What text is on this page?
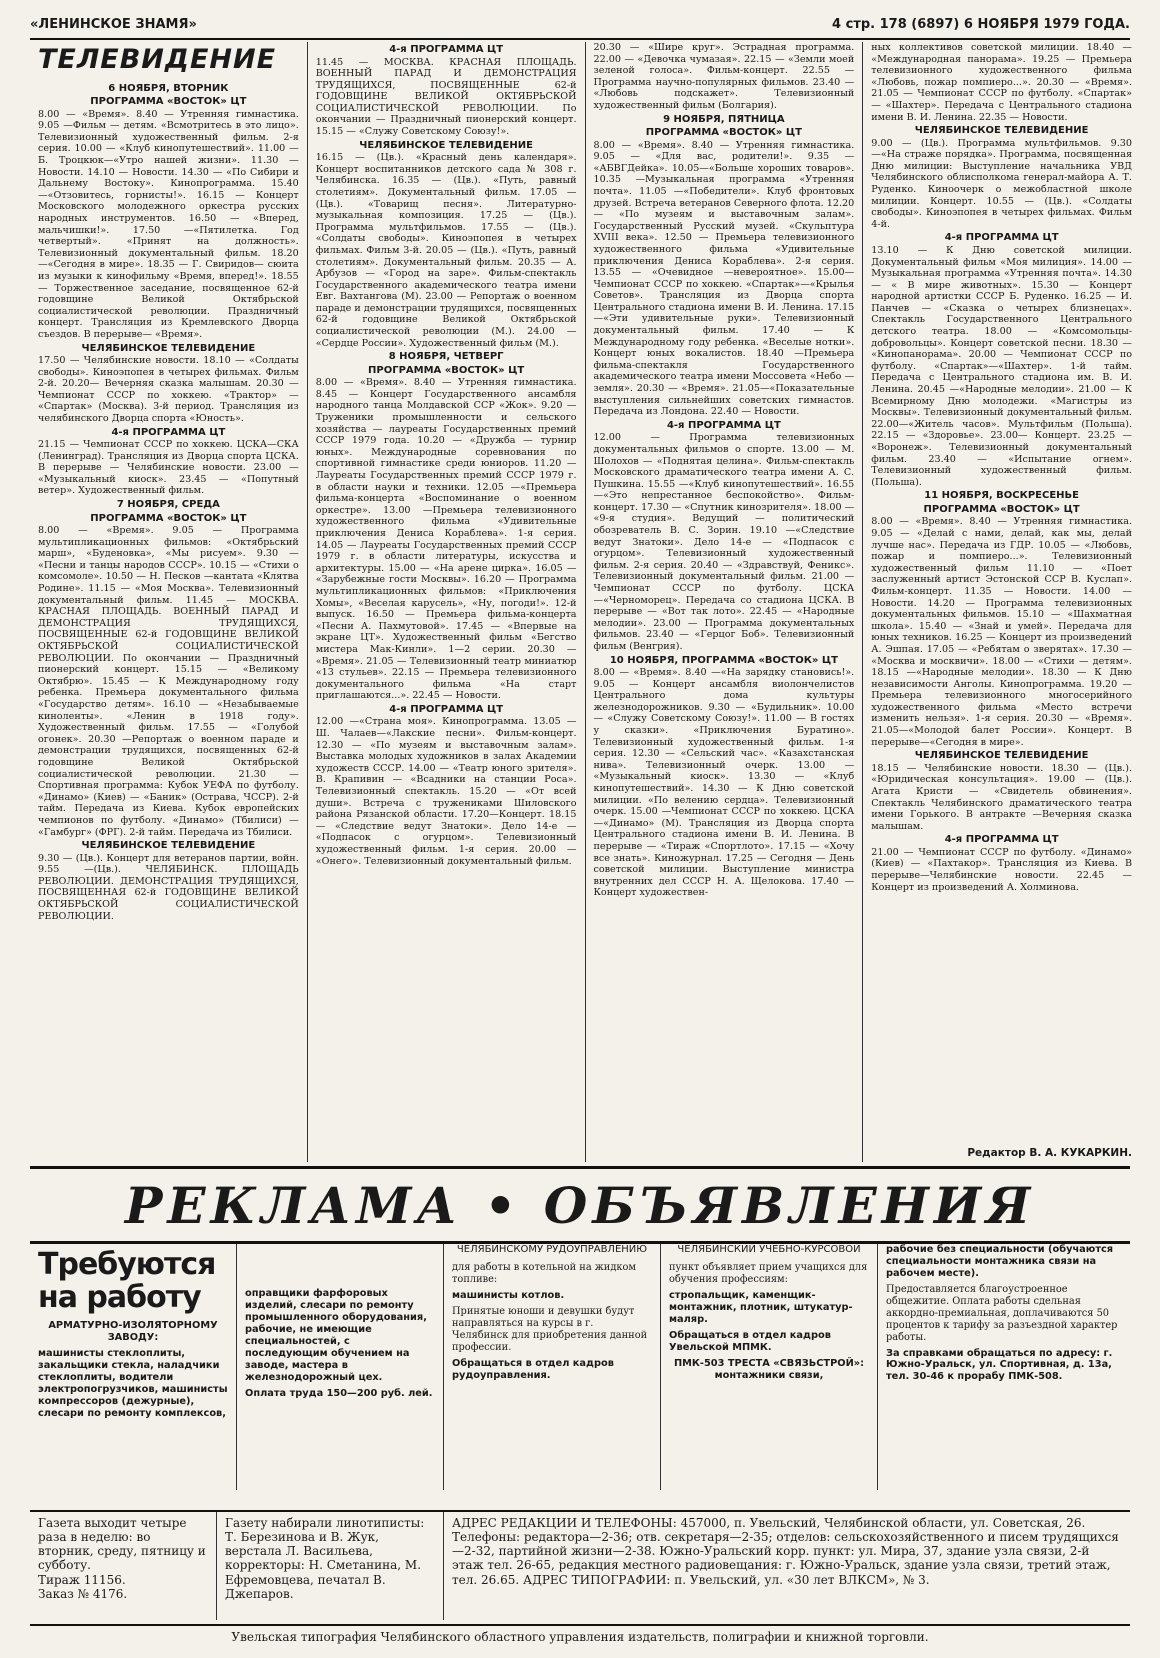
«ЛЕНИНСКОЕ ЗНАМЯ»	4 стр. 178 (6897) 6 НОЯБРЯ 1979 ГОДА.
ТЕЛЕВИДЕНИЕ
6 НОЯБРЯ, ВТОРНИК
ПРОГРАММА «ВОСТОК» ЦТ

8.00 — «Время». 8.40 — Утренняя гимнастика. 9.05 —Фильм — детям. «Всмотритесь в это лицо». Телевизионный художественный фильм. 2-я серия. 10.00 — «Клуб кинопутешествий». 11.00 — Б. Троцкюк—«Утро нашей жизни». 11.30 — Новости. 14.10 — Новости. 14.30 — «По Сибири и Дальнему Востоку». Кинопрограмма. 15.40 —«Отзовитесь, горнисты!». 16.15 — Концерт Московского молодежного оркестра русских народных инструментов. 16.50 — «Вперед, мальчишки!». 17.50 —«Пятилетка. Год четвертый». «Принят на должность». Телевизионный документальный фильм. 18.20 —«Сегодня в мире». 18.35 — Г. Свиридов— сюита из музыки к кинофильму «Время, вперед!». 18.55 — Торжественное заседание, посвященное 62-й годовщине Великой Октябрьской социалистической революции. Праздничный концерт. Трансляция из Кремлевского Дворца съездов. В перерыве— «Время».

ЧЕЛЯБИНСКОЕ ТЕЛЕВИДЕНИЕ

17.50 — Челябинские новости. 18.10 — «Солдаты свободы». Киноэпопея в четырех фильмах. Фильм 2-й. 20.20— Вечерняя сказка малышам. 20.30 — Чемпионат СССР по хоккею. «Трактор» — «Спартак» (Москва). 3-й период. Трансляция из челябинского Дворца спорта «Юность».

4-я ПРОГРАММА ЦТ

21.15 — Чемпионат СССР по хоккею. ЦСКА—СКА (Ленинград). Трансляция из Дворца спорта ЦСКА. В перерыве — Челябинские новости. 23.00 — «Музыкальный киоск». 23.45 — «Попутный ветер». Художественный фильм.

7 НОЯБРЯ, СРЕДА
ПРОГРАММА «ВОСТОК» ЦТ

8.00 — «Время». 9.05 — Программа мультипликационных фильмов: «Октябрьский марш», «Буденовка», «Мы рисуем». 9.30 — «Песни и танцы народов СССР». 10.15 — «Стихи о комсомоле». 10.50 — Н. Песков —кантата «Клятва Родине». 11.15 — «Моя Москва». Телевизионный документальный фильм. 11.45 — МОСКВА. КРАСНАЯ ПЛОЩАДЬ. ВОЕННЫЙ ПАРАД И ДЕМОНСТРАЦИЯ ТРУДЯЩИХСЯ, ПОСВЯЩЕННЫЕ 62-й ГОДОВЩИНЕ ВЕЛИКОЙ ОКТЯБРЬСКОЙ СОЦИАЛИСТИЧЕСКОЙ РЕВОЛЮЦИИ. По окончании — Праздничный пионерский концерт. 15.15 — «Великому Октябрю». 15.45 — К Международному году ребенка. Премьера документального фильма «Государство детям». 16.10 — «Незабываемые киноленты». «Ленин в 1918 году». Художественный фильм. 17.55 — «Голубой огонек». 20.30 —Репортаж о военном параде и демонстрации трудящихся, посвященных 62-й годовщине Великой Октябрьской социалистической революции. 21.30 — Спортивная программа: Кубок УЕФА по футболу. «Динамо» (Киев) — «Баник» (Острава, ЧССР). 2-й тайм. Передача из Киева. Кубок европейских чемпионов по футболу. «Динамо» (Тбилиси) — «Гамбург» (ФРГ). 2-й тайм. Передача из Тбилиси.

ЧЕЛЯБИНСКОЕ ТЕЛЕВИДЕНИЕ

9.30 — (Цв.). Концерт для ветеранов партии, войн. 9.55 —(Цв.). ЧЕЛЯБИНСК. ПЛОЩАДЬ РЕВОЛЮЦИИ. ДЕМОНСТРАЦИЯ ТРУДЯЩИХСЯ, ПОСВЯЩЕННАЯ 62-й ГОДОВЩИНЕ ВЕЛИКОЙ ОКТЯБРЬСКОЙ СОЦИАЛИСТИЧЕСКОЙ РЕВОЛЮЦИИ.

4-я ПРОГРАММА ЦТ

11.45 — МОСКВА. КРАСНАЯ ПЛОЩАДЬ. ВОЕННЫЙ ПАРАД И ДЕМОНСТРАЦИЯ ТРУДЯЩИХСЯ, ПОСВЯЩЕННЫЕ 62-й ГОДОВЩИНЕ ВЕЛИКОЙ ОКТЯБРЬСКОЙ СОЦИАЛИСТИЧЕСКОЙ РЕВОЛЮЦИИ. По окончании — Праздничный пионерский концерт. 15.15 — «Служу Советскому Союзу!».

ЧЕЛЯБИНСКОЕ ТЕЛЕВИДЕНИЕ

16.15 — (Цв.). «Красный день календаря». Концерт воспитанников детского сада № 308 г. Челябинска. 16.35 — (Цв.). «Путь, равный столетиям». Документальный фильм. 17.05 — (Цв.). «Товарищ песня». Литературно-музыкальная композиция. 17.25 — (Цв.). Программа мультфильмов. 17.55 — (Цв.). «Солдаты свободы». Киноэпопея в четырех фильмах. Фильм 3-й. 20.05 — (Цв.). «Путь, равный столетиям». Документальный фильм. 20.35 — А. Арбузов — «Город на заре». Фильм-спектакль Государственного академического театра имени Евг. Вахтангова (М). 23.00 — Репортаж о военном параде и демонстрации трудящихся, посвященных 62-й годовщине Великой Октябрьской социалистической революции (М.). 24.00 — «Сердце России». Художественный фильм (М.).

8 НОЯБРЯ, ЧЕТВЕРГ
ПРОГРАММА «ВОСТОК» ЦТ

8.00 — «Время». 8.40 — Утренняя гимнастика. 8.45 — Концерт Государственного ансамбля народного танца Молдавской ССР «Жок». 9.20 — Труженики промышленности и сельского хозяйства — лауреаты Государственных премий СССР 1979 года. 10.20 — «Дружба — турнир юных». Международные соревнования по спортивной гимнастике среди юниоров. 11.20 — Лауреаты Государственных премий СССР 1979 г. в области науки и техники. 12.05 —«Премьера фильма-концерта «Воспоминание о военном оркестре». 13.00 —Премьера телевизионного художественного фильма «Удивительные приключения Дениса Кораблева». 1-я серия. 14.05 — Лауреаты Государственных премий СССР 1979 г. в области литературы, искусства и архитектуры. 15.00 — «На арене цирка». 16.05 — «Зарубежные гости Москвы». 16.20 — Программа мультипликационных фильмов: «Приключения Хомы», «Веселая карусель», «Ну, погоди!». 12-й выпуск. 16.50 — Премьера фильма-концерта «Песни А. Пахмутовой». 17.45 — «Впервые на экране ЦТ». Художественный фильм «Бегство мистера Мак-Кинли». 1—2 серии. 20.30 — «Время». 21.05 — Телевизионный театр миниатюр «13 стульев». 22.15 — Премьера телевизионного документального фильма «На старт приглашаются...». 22.45 — Новости.

4-я ПРОГРАММА ЦТ

12.00 —«Страна моя». Кинопрограмма. 13.05 — Ш. Чалаев—«Лакские песни». Фильм-концерт. 12.30 — «По музеям и выставочным залам». Выставка молодых художников в залах Академии художеств СССР. 14.00 — «Театр юного зрителя». В. Крапивин — «Всадники на станции Роса». Телевизионный спектакль. 15.20 — «От всей души». Встреча с тружениками Шиловского района Рязанской области. 17.20—Концерт. 18.15 — «Следствие ведут Знатоки». Дело 14-е — «Подпасок с огурцом». Телевизионный художественный фильм. 1-я серия. 20.00 — «Онего». Телевизионный документальный фильм.

20.30 — «Шире круг». Эстрадная программа. 22.00 — «Девочка чумазая». 22.15 — «Земли моей зеленой голоса». Фильм-концерт. 22.55 — Программа научно-популярных фильмов. 23.40 — «Любовь подскажет». Телевизионный художественный фильм (Болгария).

9 НОЯБРЯ, ПЯТНИЦА
ПРОГРАММА «ВОСТОК» ЦТ

8.00 — «Время». 8.40 — Утренняя гимнастика. 9.05 — «Для вас, родители!». 9.35 — «АБВГДейка». 10.05—«Больше хороших товаров». 10.35 —Музыкальная программа «Утренняя почта». 11.05 —«Победители». Клуб фронтовых друзей. Встреча ветеранов Северного флота. 12.20 — «По музеям и выставочным залам». Государственный Русский музей. «Скульптура XVIII века». 12.50 — Премьера телевизионного художественного фильма «Удивительные приключения Дениса Кораблева». 2-я серия. 13.55 — «Очевидное —невероятное». 15.00—Чемпионат СССР по хоккею. «Спартак»—«Крылья Советов». Трансляция из Дворца спорта Центрального стадиона имени В. И. Ленина. 17.15—«Эти удивительные руки». Телевизионный документальный фильм. 17.40 — К Международному году ребенка. «Веселые нотки». Концерт юных вокалистов. 18.40 —Премьера фильма-спектакля Государственного академического театра имени Моссовета «Небо — земля». 20.30 — «Время». 21.05—«Показательные выступления сильнейших советских гимнастов. Передача из Лондона. 22.40 — Новости.

4-я ПРОГРАММА ЦТ

12.00 — Программа телевизионных документальных фильмов о спорте. 13.00 — М. Шолохов — «Поднятая целина». Фильм-спектакль Московского драматического театра имени А. С. Пушкина. 15.55 —«Клуб кинопутешествий». 16.55 —«Это непрестанное беспокойство». Фильм-концерт. 17.30 — «Спутник кинозрителя». 18.00 — «9-я студия». Ведущий — политический обозреватель В. С. Зорин. 19.10 —«Следствие ведут Знатоки». Дело 14-е — «Подпасок с огурцом». Телевизионный художественный фильм. 2-я серия. 20.40 — «Здравствуй, Феникс». Телевизионный документальный фильм. 21.00 — Чемпионат СССР по футболу. ЦСКА—«Черноморец». Передача со стадиона ЦСКА. В перерыве — «Вот так лото». 22.45 — «Народные мелодии». 23.00 — Программа документальных фильмов. 23.40 — «Герцог Боб». Телевизионный фильм (Венгрия).

10 НОЯБРЯ, ПРОГРАММА «ВОСТОК» ЦТ

8.00 — «Время». 8.40 —«На зарядку становись!». 9.05 — Концерт ансамбля виолончелистов Центрального дома культуры железнодорожников. 9.30 — «Будильник». 10.00 — «Служу Советскому Союзу!». 11.00 — В гостях у сказки». «Приключения Буратино». Телевизионный художественный фильм. 1-я серия. 12.30 — «Сельский час». «Казахстанская нива». Телевизионный очерк. 13.00 — «Музыкальный киоск». 13.30 — «Клуб кинопутешествий». 14.30 — К Дню советской милиции. «По велению сердца». Телевизионный очерк. 15.00 —Чемпионат СССР по хоккею. ЦСКА —«Динамо» (М). Трансляция из Дворца спорта Центрального стадиона имени В. И. Ленина. В перерыве — «Тираж «Спортлото». 17.15 — «Хочу все знать». Киножурнал. 17.25 — Сегодня — День советской милиции. Выступление министра внутренних дел СССР Н. А. Щелокова. 17.40 — Концерт художествен-

ных коллективов советской милиции. 18.40 — «Международная панорама». 19.25 — Премьера телевизионного художественного фильма «Любовь, пожар помпиеро...». 20.30 — «Время». 21.05 — Чемпионат СССР по футболу. «Спартак» — «Шахтер». Передача с Центрального стадиона имени В. И. Ленина. 22.35 — Новости.

ЧЕЛЯБИНСКОЕ ТЕЛЕВИДЕНИЕ

9.00 — (Цв.). Программа мультфильмов. 9.30 —«На страже порядка». Программа, посвященная Дню милиции: Выступление начальника УВД Челябинского облисполкома генерал-майора А. Т. Руденко. Киноочерк о межобластной школе милиции. Концерт. 10.55 — (Цв.). «Солдаты свободы». Киноэпопея в четырех фильмах. Фильм 4-й.

4-я ПРОГРАММА ЦТ

13.10 — К Дню советской милиции. Документальный фильм «Моя милиция». 14.00 — Музыкальная программа «Утренняя почта». 14.30 — « В мире животных». 15.30 — Концерт народной артистки СССР Б. Руденко. 16.25 — И. Панчев — «Сказка о четырех близнецах». Спектакль Государственного Центрального детского театра. 18.00 — «Комсомольцы-добровольцы». Концерт советской песни. 18.30 — «Кинопанорама». 20.00 — Чемпионат СССР по футболу. «Спартак»—«Шахтер». 1-й тайм. Передача с Центрального стадиона им. В. И. Ленина. 20.45 —«Народные мелодии». 21.00 — К Всемирному Дню молодежи. «Магистры из Москвы». Телевизионный документальный фильм. 22.00—«Житель часов». Мультфильм (Польша). 22.15 — «Здоровье». 23.00— Концерт. 23.25 — «Воронеж». Телевизионный документальный фильм. 23.40 — «Испытание огнем». Телевизионный художественный фильм. (Польша).

11 НОЯБРЯ, ВОСКРЕСЕНЬЕ
ПРОГРАММА «ВОСТОК» ЦТ

8.00 — «Время». 8.40 — Утренняя гимнастика. 9.05 — «Делай с нами, делай, как мы, делай лучше нас». Передача из ГДР. 10.05 — «Любовь, пожар и помпиеро...». Телевизионный художественный фильм 11.10 — «Поет заслуженный артист Эстонской ССР В. Куслап». Фильм-концерт. 11.35 — Новости. 14.00 — Новости. 14.20 — Программа телевизионных документальных фильмов. 15.10 — «Шахматная школа». 15.40 — «Знай и умей». Передача для юных техников. 16.25 — Концерт из произведений А. Эшпая. 17.05 — «Ребятам о зверятах». 17.30 — «Москва и москвичи». 18.00 — «Стихи — детям». 18.15 —«Народные мелодии». 18.30 — К Дню независимости Анголы. Кинопрограмма. 19.20 — Премьера телевизионного многосерийного художественного фильма «Место встречи изменить нельзя». 1-я серия. 20.30 — «Время». 21.05—«Молодой балет России». Концерт. В перерыве—«Сегодня в мире».

ЧЕЛЯБИНСКОЕ ТЕЛЕВИДЕНИЕ

18.15 — Челябинские новости. 18.30 — (Цв.). «Юридическая консультация». 19.00 — (Цв.). Агата Кристи — «Свидетель обвинения». Спектакль Челябинского драматического театра имени Горького. В антракте —Вечерняя сказка малышам.

4-я ПРОГРАММА ЦТ

21.00 — Чемпионат СССР по футболу. «Динамо» (Киев) — «Пахтакор». Трансляция из Киева. В перерыве—Челябинские новости. 22.45 — Концерт из произведений А. Холминова.

Редактор В. А. КУКАРКИН.
РЕКЛАМА • ОБЪЯВЛЕНИЯ
Требуются на работу

АРМАТУРНО-ИЗОЛЯТОРНОМУ ЗАВОДУ:

машинисты стеклоплиты, закальщики стекла, наладчики стеклоплиты, водители электропогрузчиков, машинисты компрессоров (дежурные), слесари по ремонту комплексов,

оправщики фарфоровых изделий, слесари по ремонту промышленного оборудования, рабочие, не имеющие специальностей, с последующим обучением на заводе, мастера в железнодорожный цех.

Оплата труда 150—200 руб. лей.

ЧЕЛЯБИНСКОМУ РУДОУПРАВЛЕНИЮ

для работы в котельной на жидком топливе:

машинисты котлов.

Принятые юноши и девушки будут направляться на курсы в г. Челябинск для приобретения данной профессии.

Обращаться в отдел кадров рудоуправления.

ЧЕЛЯБИНСКИЙ УЧЕБНО-КУРСОВОЙ

пункт объявляет прием учащихся для обучения профессиям:

стропальщик, каменщик-монтажник, плотник, штукатур-маляр.

Обращаться в отдел кадров Увельской МПМК.

ПМК-503 ТРЕСТА «СВЯЗЬСТРОЙ»: монтажники связи,

рабочие без специальности (обучаются специальности монтажника связи на рабочем месте).

Предоставляется благоустроенное общежитие. Оплата работы сдельная аккордно-премиальная, доплачиваются 50 процентов к тарифу за разъездной характер работы.

За справками обращаться по адресу: г. Южно-Уральск, ул. Спортивная, д. 13а, тел. 30-46 к прорабу ПМК-508.

Газета выходит четыре раза в неделю: во вторник, среду, пятницу и субботу.

Тираж 11156.

Заказ № 4176.

Газету набирали линотиписты: Т. Березинова и В. Жук, верстала Л. Васильева, корректоры: Н. Сметанина, М. Ефремовцева, печатал В. Джепаров.

АДРЕС РЕДАКЦИИ И ТЕЛЕФОНЫ: 457000, п. Увельский, Челябинской области, ул. Советская, 26. Телефоны: редактора—2-36; отв. секретаря—2-35; отделов: сельскохозяйственного и писем трудящихся—2-32, партийной жизни—2-38. Южно-Уральский корр. пункт: ул. Мира, 37, здание узла связи, 2-й этаж тел. 26-65, редакция местного радиовещания: г. Южно-Уральск, здание узла связи, третий этаж, тел. 26.65. АДРЕС ТИПОГРАФИИ: п. Увельский, ул. «30 лет ВЛКСМ», № 3.

Увельская типография Челябинского областного управления издательств, полиграфии и книжной торговли.
